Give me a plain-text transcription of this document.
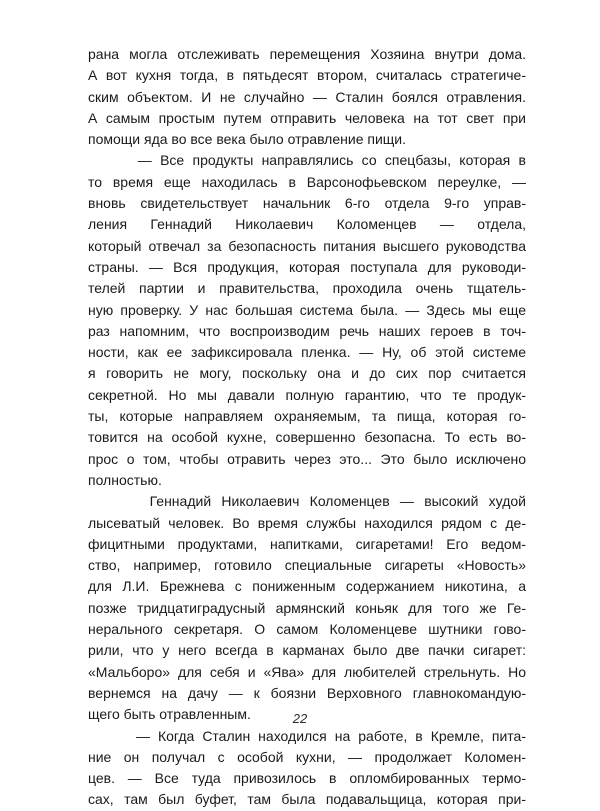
рана могла отслеживать перемещения Хозяина внутри дома.
А вот кухня тогда, в пятьдесят втором, считалась стратегиче-
ским объектом. И не случайно — Сталин боялся отравления.
А самым простым путем отправить человека на тот свет при
помощи яда во все века было отравление пищи.
— Все продукты направлялись со спецбазы, которая в
то время еще находилась в Варсонофьевском переулке, —
вновь свидетельствует начальник 6-го отдела 9-го управ-
ления Геннадий Николаевич Коломенцев — отдела,
который отвечал за безопасность питания высшего руководства
страны. — Вся продукция, которая поступала для руководи-
телей партии и правительства, проходила очень тщатель-
ную проверку. У нас большая система была. — Здесь мы еще
раз напомним, что воспроизводим речь наших героев в точ-
ности, как ее зафиксировала пленка. — Ну, об этой системе
я говорить не могу, поскольку она и до сих пор считается
секретной. Но мы давали полную гарантию, что те продук-
ты, которые направляем охраняемым, та пища, которая го-
товится на особой кухне, совершенно безопасна. То есть во-
прос о том, чтобы отравить через это... Это было исключено
полностью.
Геннадий Николаевич Коломенцев — высокий худой
лысеватый человек. Во время службы находился рядом с де-
фицитными продуктами, напитками, сигаретами! Его ведом-
ство, например, готовило специальные сигареты «Новость»
для Л.И. Брежнева с пониженным содержанием никотина, а
позже тридцатиградусный армянский коньяк для того же Ге-
нерального секретаря. О самом Коломенцеве шутники гово-
рили, что у него всегда в карманах было две пачки сигарет:
«Мальборо» для себя и «Ява» для любителей стрельнуть. Но
вернемся на дачу — к боязни Верховного главнокомандую-
щего быть отравленным.
— Когда Сталин находился на работе, в Кремле, пита-
ние он получал с особой кухни, — продолжает Коломен-
цев. — Все туда привозилось в опломбированных термо-
сах, там был буфет, там была подавальщица, которая при-
22
